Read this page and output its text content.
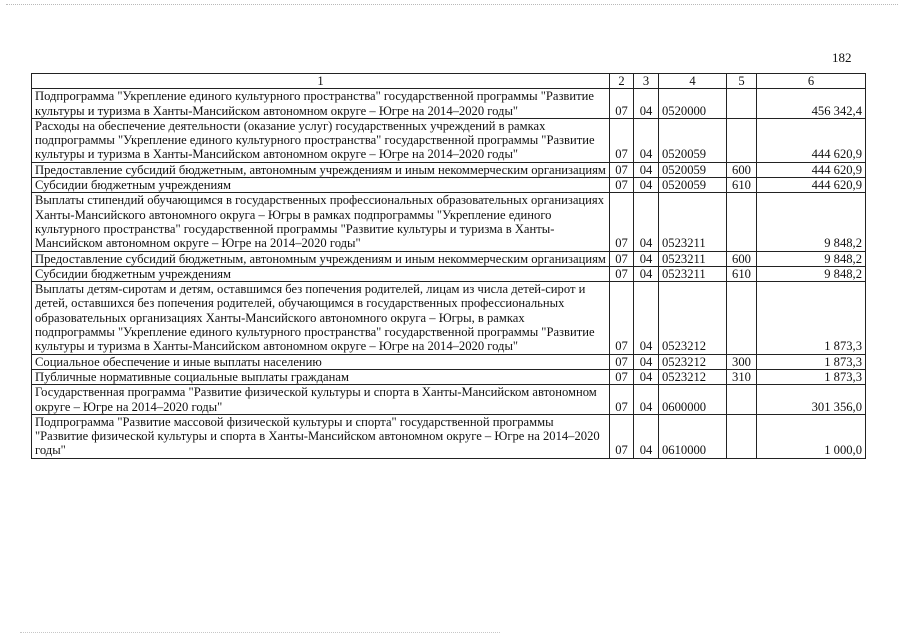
182
1	2	3	4	5	6
Подпрограмма "Укрепление единого культурного пространства" государственной программы "Развитие культуры и туризма в Ханты-Мансийском автономном округе – Югре на 2014–2020 годы"	07	04	0520000		456 342,4
Расходы на обеспечение деятельности (оказание услуг) государственных учреждений в рамках подпрограммы "Укрепление единого культурного пространства" государственной программы "Развитие культуры и туризма в Ханты-Мансийском автономном округе – Югре на 2014–2020 годы"	07	04	0520059		444 620,9
Предоставление субсидий бюджетным, автономным учреждениям и иным некоммерческим организациям	07	04	0520059	600	444 620,9
Субсидии бюджетным учреждениям	07	04	0520059	610	444 620,9
Выплаты стипендий обучающимся в государственных профессиональных образовательных организациях Ханты-Мансийского автономного округа – Югры в рамках подпрограммы "Укрепление единого культурного пространства" государственной программы "Развитие культуры и туризма в Ханты-Мансийском автономном округе – Югре на 2014–2020 годы"	07	04	0523211		9 848,2
Предоставление субсидий бюджетным, автономным учреждениям и иным некоммерческим организациям	07	04	0523211	600	9 848,2
Субсидии бюджетным учреждениям	07	04	0523211	610	9 848,2
Выплаты детям-сиротам и детям, оставшимся без попечения родителей, лицам из числа детей-сирот и детей, оставшихся без попечения родителей, обучающимся в государственных профессиональных образовательных организациях Ханты-Мансийского автономного округа – Югры, в рамках подпрограммы "Укрепление единого культурного пространства" государственной программы "Развитие культуры и туризма в Ханты-Мансийском автономном округе – Югре на 2014–2020 годы"	07	04	0523212		1 873,3
Социальное обеспечение и иные выплаты населению	07	04	0523212	300	1 873,3
Публичные нормативные социальные выплаты гражданам	07	04	0523212	310	1 873,3
Государственная программа "Развитие физической культуры и спорта в Ханты-Мансийском автономном округе – Югре на 2014–2020 годы"	07	04	0600000		301 356,0
Подпрограмма "Развитие массовой физической культуры и спорта" государственной программы "Развитие физической культуры и спорта в Ханты-Мансийском автономном округе – Югре на 2014–2020 годы"	07	04	0610000		1 000,0
